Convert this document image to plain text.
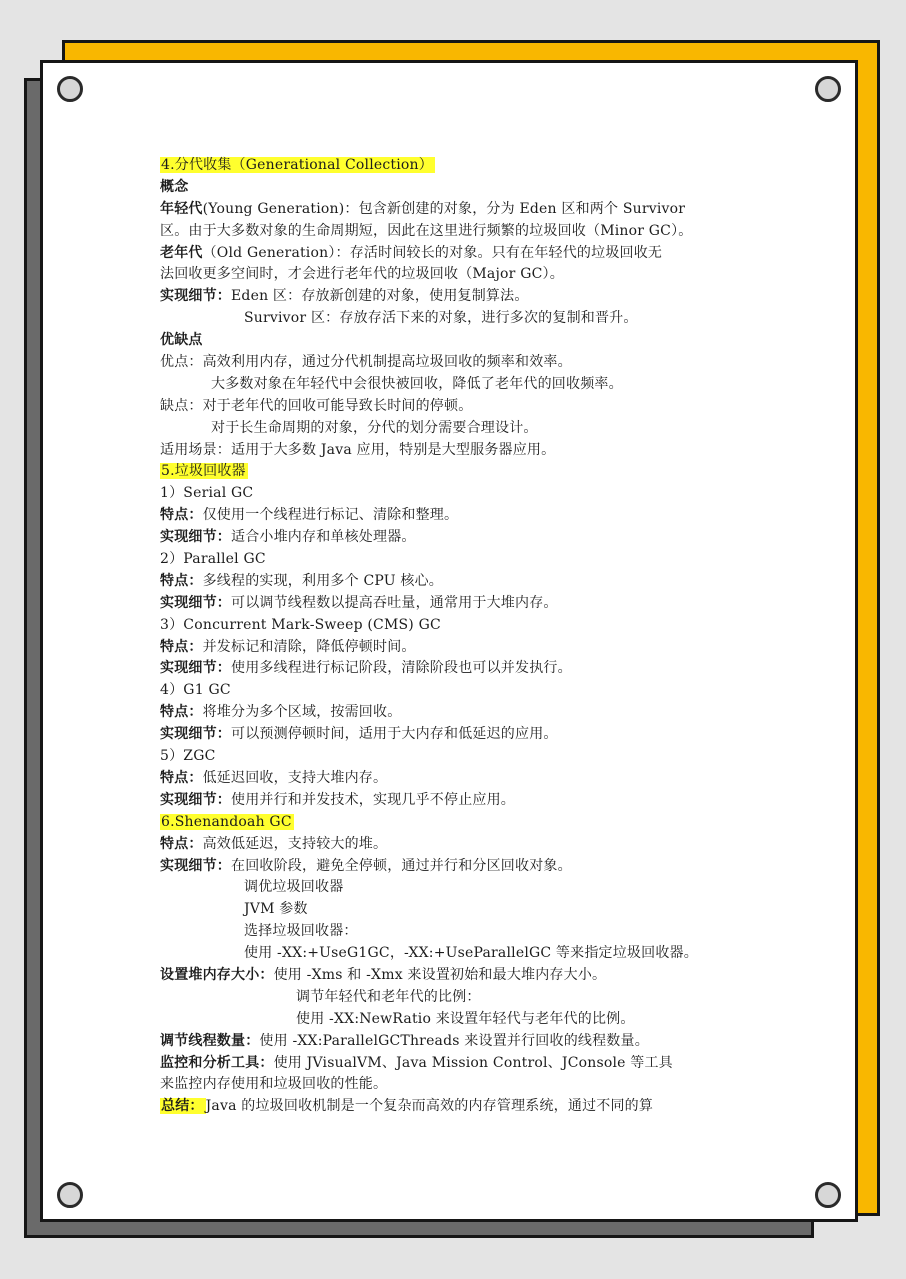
4.分代收集（Generational Collection）
概念
年轻代(Young Generation)：包含新创建的对象，分为 Eden 区和两个 Survivor
区。由于大多数对象的生命周期短，因此在这里进行频繁的垃圾回收（Minor GC）。
老年代（Old Generation）：存活时间较长的对象。只有在年轻代的垃圾回收无
法回收更多空间时，才会进行老年代的垃圾回收（Major GC）。
实现细节：Eden 区：存放新创建的对象，使用复制算法。
Survivor 区：存放存活下来的对象，进行多次的复制和晋升。
优缺点
优点：高效利用内存，通过分代机制提高垃圾回收的频率和效率。
大多数对象在年轻代中会很快被回收，降低了老年代的回收频率。
缺点：对于老年代的回收可能导致长时间的停顿。
对于长生命周期的对象，分代的划分需要合理设计。
适用场景：适用于大多数 Java 应用，特别是大型服务器应用。
5.垃圾回收器
1）Serial GC
特点：仅使用一个线程进行标记、清除和整理。
实现细节：适合小堆内存和单核处理器。
2）Parallel GC
特点：多线程的实现，利用多个 CPU 核心。
实现细节：可以调节线程数以提高吞吐量，通常用于大堆内存。
3）Concurrent Mark-Sweep (CMS) GC
特点：并发标记和清除，降低停顿时间。
实现细节：使用多线程进行标记阶段，清除阶段也可以并发执行。
4）G1 GC
特点：将堆分为多个区域，按需回收。
实现细节：可以预测停顿时间，适用于大内存和低延迟的应用。
5）ZGC
特点：低延迟回收，支持大堆内存。
实现细节：使用并行和并发技术，实现几乎不停止应用。
6.Shenandoah GC
特点：高效低延迟，支持较大的堆。
实现细节：在回收阶段，避免全停顿，通过并行和分区回收对象。
调优垃圾回收器
JVM 参数
选择垃圾回收器：
使用 -XX:+UseG1GC，-XX:+UseParallelGC 等来指定垃圾回收器。
设置堆内存大小：使用 -Xms 和 -Xmx 来设置初始和最大堆内存大小。
调节年轻代和老年代的比例：
使用 -XX:NewRatio 来设置年轻代与老年代的比例。
调节线程数量：使用 -XX:ParallelGCThreads 来设置并行回收的线程数量。
监控和分析工具：使用 JVisualVM、Java Mission Control、JConsole 等工具
来监控内存使用和垃圾回收的性能。
总结： Java 的垃圾回收机制是一个复杂而高效的内存管理系统，通过不同的算
